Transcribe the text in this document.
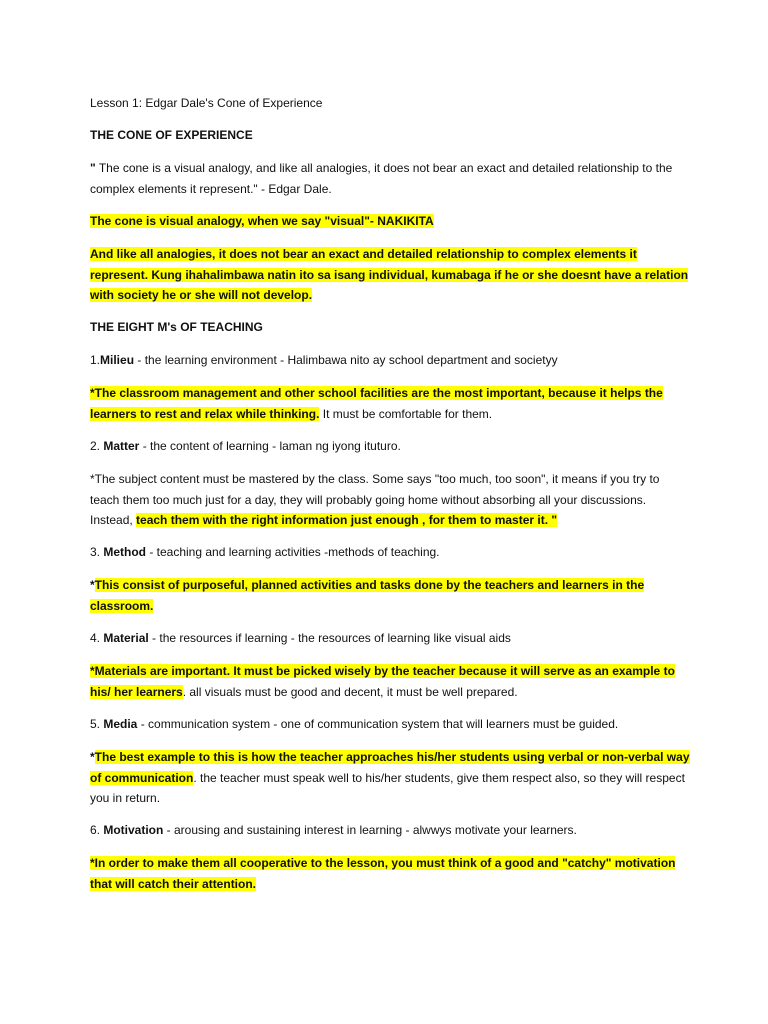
Lesson 1: Edgar Dale's Cone of Experience

THE CONE OF EXPERIENCE

" The cone is a visual analogy, and like all analogies, it does not bear an exact and detailed relationship to the complex elements it represent." - Edgar Dale.

The cone is visual analogy, when we say "visual"- NAKIKITA

And like all analogies, it does not bear an exact and detailed relationship to complex elements it represent. Kung ihahalimbawa natin ito sa isang individual, kumabaga if he or she doesnt have a relation with society he or she will not develop.

THE EIGHT M's OF TEACHING

1.Milieu - the learning environment - Halimbawa nito ay school department and societyy

*The classroom management and other school facilities are the most important, because it helps the learners to rest and relax while thinking. It must be comfortable for them.

2. Matter - the content of learning - laman ng iyong ituturo.

*The subject content must be mastered by the class. Some says "too much, too soon", it means if you try to teach them too much just for a day, they will probably going home without absorbing all your discussions. Instead, teach them with the right information just enough , for them to master it. "

3. Method - teaching and learning activities -methods of teaching.

*This consist of purposeful, planned activities and tasks done by the teachers and learners in the classroom.

4. Material - the resources if learning - the resources of learning like visual aids

*Materials are important. It must be picked wisely by the teacher because it will serve as an example to his/ her learners. all visuals must be good and decent, it must be well prepared.

5. Media - communication system - one of communication system that will learners must be guided.

*The best example to this is how the teacher approaches his/her students using verbal or non-verbal way of communication. the teacher must speak well to his/her students, give them respect also, so they will respect you in return.

6. Motivation - arousing and sustaining interest in learning - alwwys motivate your learners.

*In order to make them all cooperative to the lesson, you must think of a good and "catchy" motivation that will catch their attention.
